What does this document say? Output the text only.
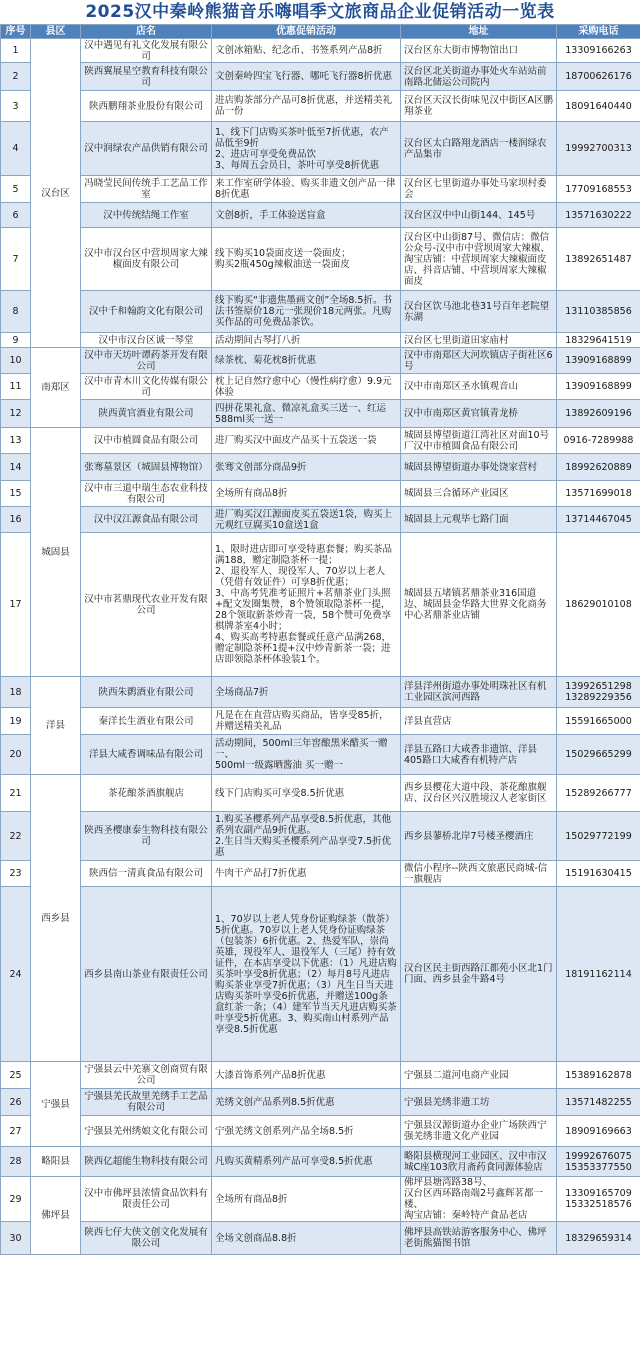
2025汉中秦岭熊猫音乐嗨唱季文旅商品企业促销活动一览表
序号	县区	店名	优惠促销活动	地址	采购电话
1	汉台区	汉中遇见有礼文化发展有限公司	文创冰箱贴、纪念币、书签系列产品8折	汉台区东大街市博物馆出口	13309166263
2		陕西翼展星空教育科技有限公司	文创秦岭四宝飞行器、哪吒飞行器8折优惠	汉台区北关街道办事处火车站站前南路北储运公司院内	18700626176
3		陕西鹏翔茶业股份有限公司	进店购茶部分产品可8折优惠，并送精美礼品一份	汉台区天汉长街味见汉中街区A区鹏翔茶业	18091640440
4		汉中润绿农产品供销有限公司	1、线下门店购买茶叶低至7折优惠，农产品低至9折
2、进店可享受免费品饮
3、每周五会员日，茶叶可享受8折优惠	汉台区太白路翔龙酒店一楼润绿农产品集市	19992700313
5		冯晓莹民间传统手工艺品工作室	来工作室研学体验、购买非遗文创产品一律8折优惠	汉台区七里街道办事处马家坝村委会	17709168553
6		汉中传统结绳工作室	文创8折，手工体验送盲盒	汉台区汉中中山街144、145号	13571630222
7		汉中市汉台区中营坝周家大辣椒面皮有限公司	线下购买10袋面皮送一袋面皮；
购买2瓶450g辣椒油送一袋面皮	汉台区中山街87号、微信店：微信公众号-汉中市中营坝周家大辣椒、淘宝店铺：中营坝周家大辣椒面皮店、抖音店铺、中营坝周家大辣椒面皮	13892651487
8		汉中千和翰韵文化有限公司	线下购买“非遗焦墨画文创”全场8.5折。书法书签原价18元一张现价18元两张。凡购买作品的可免费品茶饮。	汉台区饮马池北巷31号百年老院望东湖	13110385856
9		汉中市汉台区诚一琴堂	活动期间古琴打八折	汉台区七里街道田家庙村	18329641519
10	南郑区	汉中市天坊叶谭药茶开发有限公司	绿茶枕、菊花枕8折优惠	汉中市南郑区大河坎镇店子街社区6号	13909168899
11		汉中市青木川文化传媒有限公司	枕上记自然疗愈中心（慢性病疗愈）9.9元体验	汉中市南郑区圣水镇观音山	13909168899
12		陕西黄官酒业有限公司	四拼花果礼盒、微凉礼盒买三送一、红运588ml买一送一	汉中市南郑区黄官镇青龙桥	13892609196
13	城固县	汉中市植圆食品有限公司	进厂购买汉中面皮产品买十五袋送一袋	城固县博望街道江湾社区对面10号厂汉中市植圆食品有限公司	0916-7289988
14		张骞墓景区（城固县博物馆）	张骞文创部分商品9折	城固县博望街道办事处饶家营村	18992620889
15		汉中市三道中瑞生态农业科技有限公司	全场所有商品8折	城固县三合循环产业园区	13571699018
16		汉中汉江源食品有限公司	进厂购买汉江源面皮买五袋送1袋，购买上元观红豆腐买10盒送1盒	城固县上元观毕七路门面	13714467045
17		汉中市茗鼎现代农业开发有限公司	1、限时进店即可享受特惠套餐；购买茶品满188，赠定制隐茶杯一提；
2、退役军人、现役军人、70岁以上老人（凭借有效证件）可享8折优惠；
3、中高考凭准考证照片+茗鼎茶业门头照+配文发圈集赞，8个赞领取隐茶杯一提，28个领取新茶炒青一袋，58个赞可免费享棋牌茶室4小时；
4、购买高考特惠套餐或任意产品满268，赠定制隐茶杯1提+汉中炒青新茶一袋；进店即领隐茶杯体验装1个。	城固县五堵镇茗鼎茶业316国道边、城固县金华路大世界文化商务中心茗鼎茶业店铺	18629010108
18	洋县	陕西朱鹮酒业有限公司	全场商品7折	洋县洋州街道办事处明珠社区有机工业园区滨河西路	13992651298
13289229356
19		秦洋长生酒业有限公司	凡是在在直营店购买商品，皆享受85折，并赠送精美礼品	洋县直营店	15591665000
20		洋县大咸香调味品有限公司	活动期间，500ml三年窖酿黑米醋买一赠一、
500ml一级露晒酱油 买一赠一	洋县五路口大咸香非遗馆、洋县405路口大咸香有机特产店	15029665299
21	西乡县	茶花酿茶酒旗舰店	线下门店购买可享受8.5折优惠	西乡县樱花大道中段、茶花酿旗舰店、汉台区兴汉胜境汉人老家街区	15289266777
22		陕西圣樱康泰生物科技有限公司	1.购买圣樱系列产品享受8.5折优惠，其他系列农副产品9折优惠。
2.生日当天购买圣樱系列产品享受7.5折优惠	西乡县蓼桥北岸7号楼圣樱酒庄	15029772199
23		陕西信一清真食品有限公司	牛肉干产品打7折优惠	微信小程序--陕西文旅惠民商城-信一旗舰店	15191630415
24		西乡县南山茶业有限责任公司	1、70岁以上老人凭身份证购绿茶（散茶）5折优惠。70岁以上老人凭身份证购绿茶（包装茶）6折优惠。2、热爱军队，崇尚英雄，现役军人、退役军人（三尾）持有效证件，在本店享受以下优惠：（1）凡进店购买茶叶享受8折优惠；（2）每月8号凡进店购买茶业享受7折优惠；（3）凡生日当天进店购买茶叶享受6折优惠，并赠送100g条盒红茶一条；（4）建军节当天凡进店购买茶叶享受5折优惠。3、购买南山村系列产品享受8.5折优惠	汉台区民主街西路江都苑小区北1门门面、西乡县金牛路4号	18191162114
25	宁强县	宁强县云中羌寨文创商贸有限公司	大漆首饰系列产品8折优惠	宁强县二道河电商产业园	15389162878
26		宁强县羌氏故里羌绣手工艺品有限公司	羌绣文创产品系列8.5折优惠	宁强县羌绣非遗工坊	13571482255
27		宁强县羌州绣娘文化有限公司	宁强羌绣文创系列产品全场8.5折	宁强县汉源街道办企业广场陕西宁强羌绣非遗文化产业园	18909169663
28	略阳县	陕西亿超能生物科技有限公司	凡购买黄精系列产品可享受8.5折优惠	略阳县横现河工业园区、汉中市汉城C座103欣月斋药食同源体验店	19992676075
15353377550
29	佛坪县	汉中市佛坪县浓情食品饮料有限责任公司	全场所有商品8折	佛坪县塘湾路38号、
汉台区西环路南端2号鑫辉茗都一楼、
淘宝店铺：秦岭特产食品老店	13309165709
15332518576
30		陕西七仔大侠文创文化发展有限公司	全场文创商品8.8折	佛坪县高铁站游客服务中心、佛坪老街熊猫图书馆	18329659314
